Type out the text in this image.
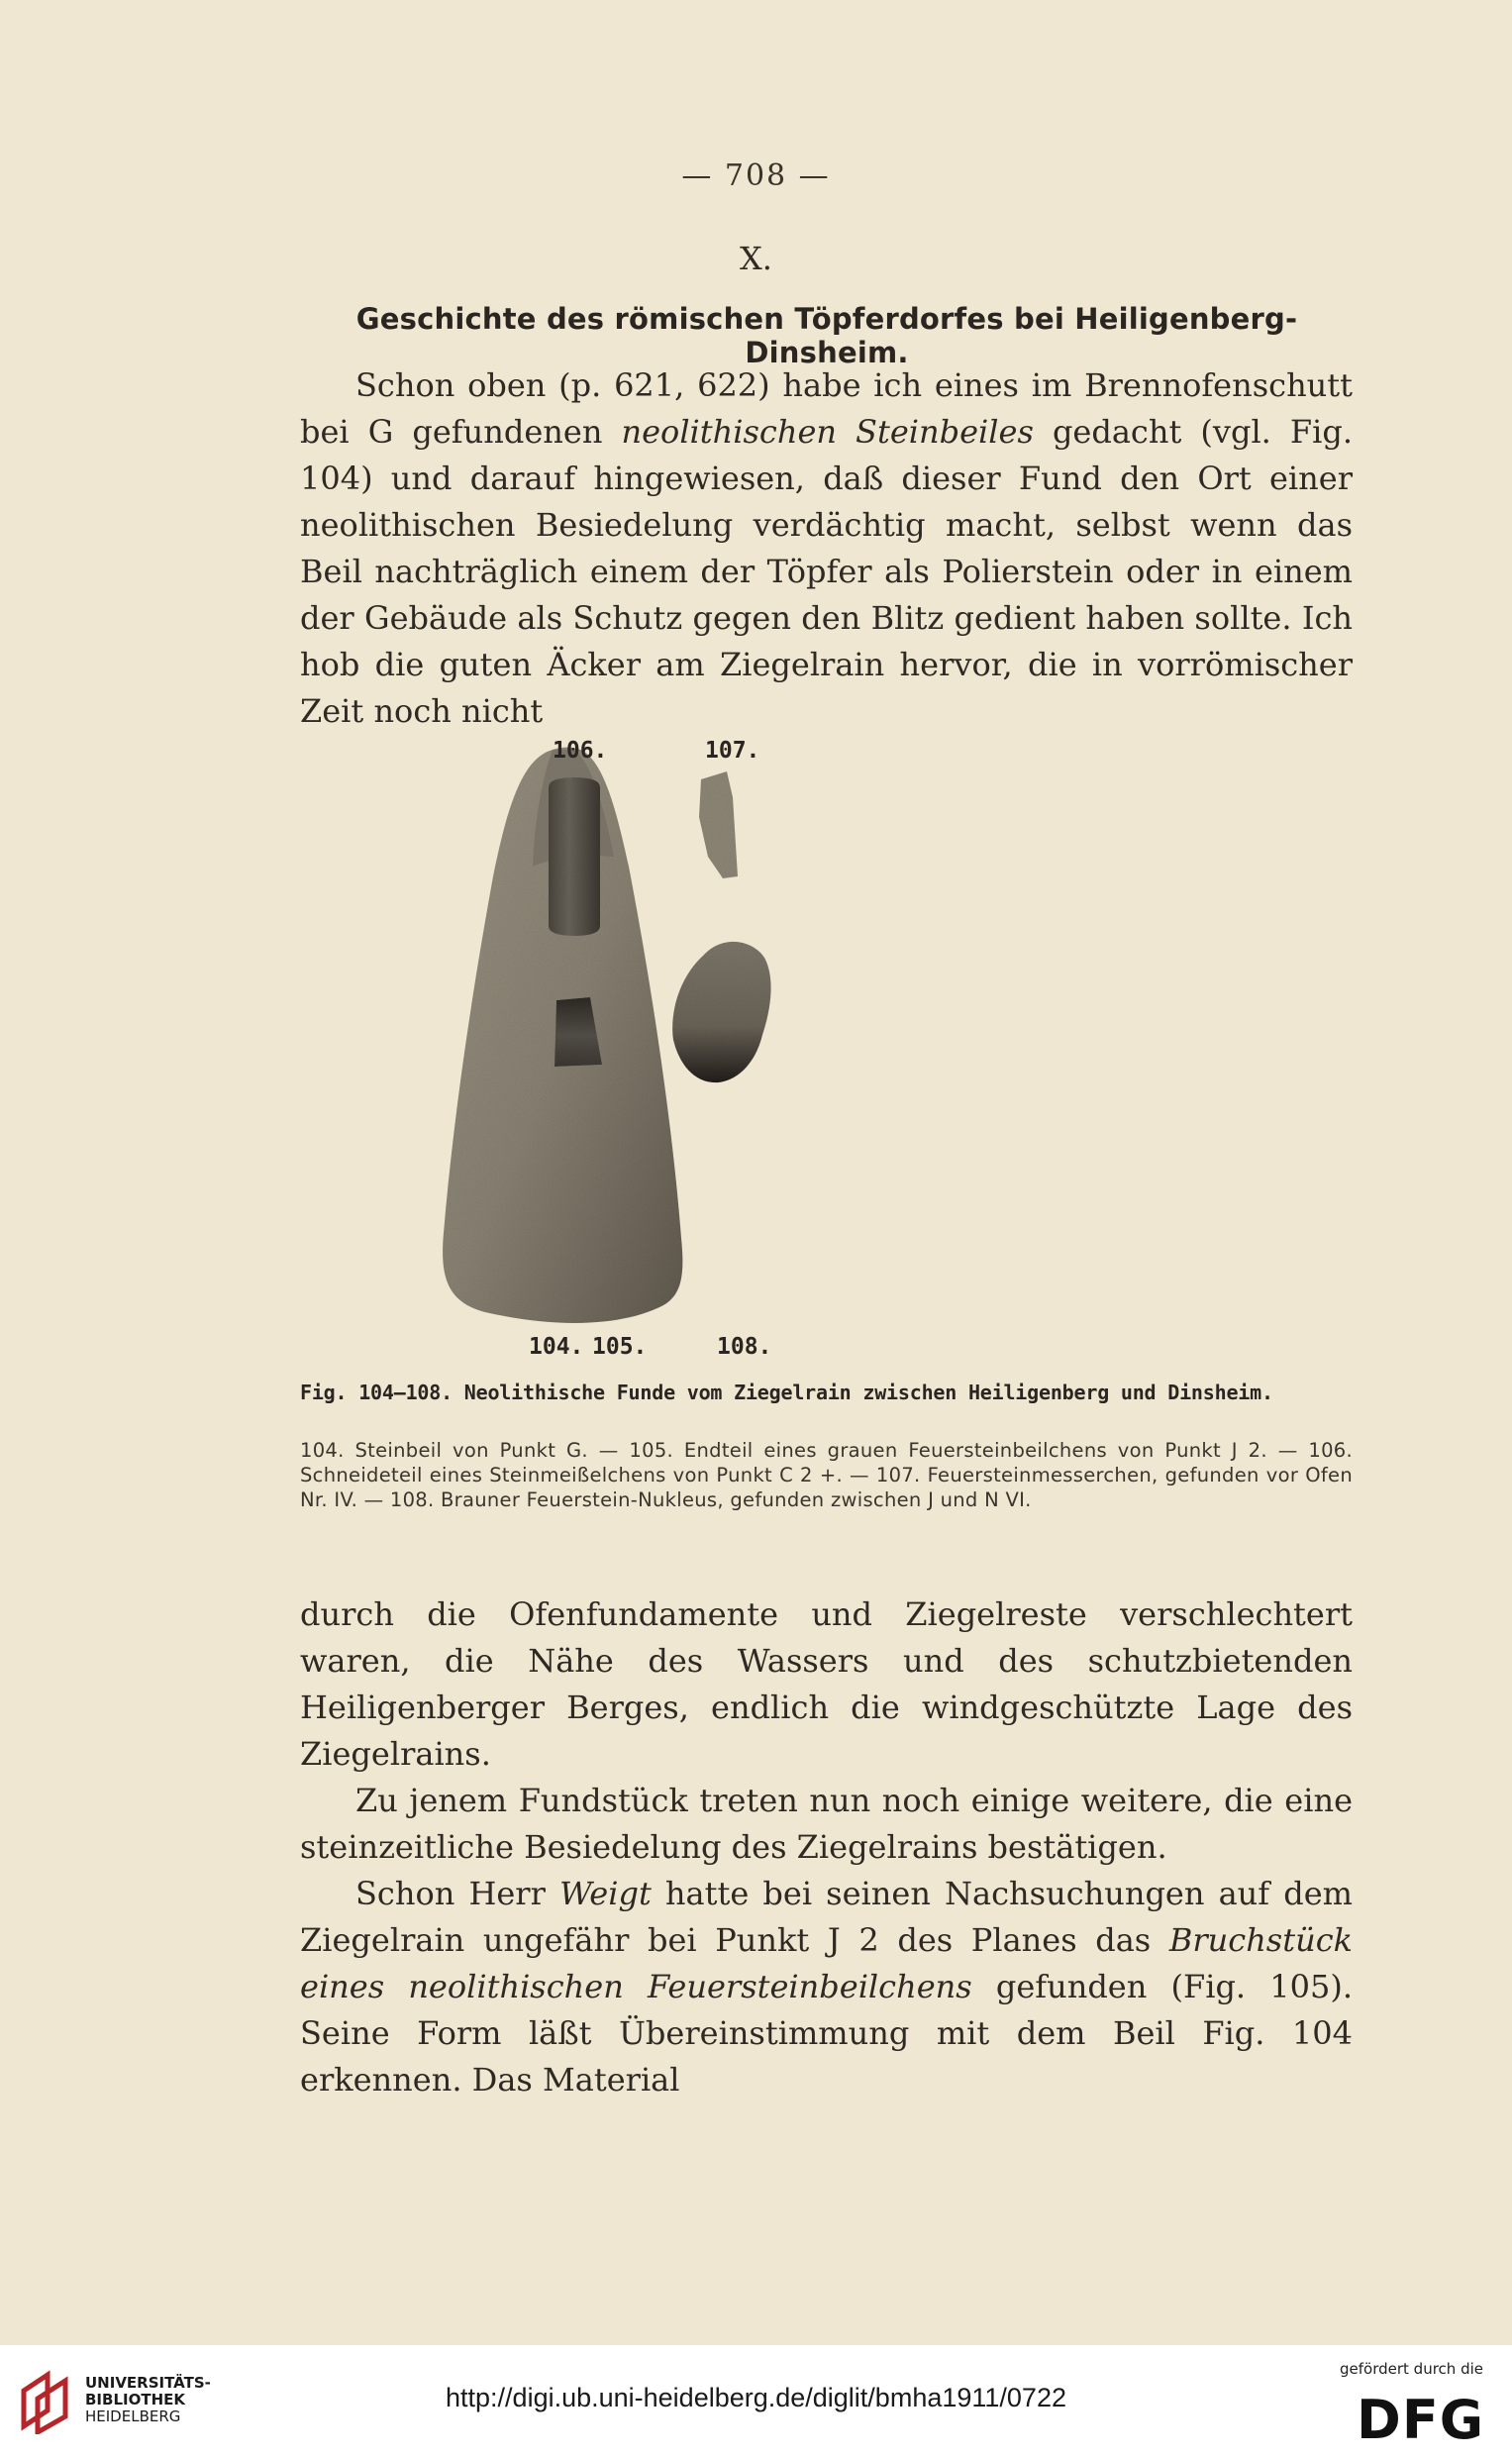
— 708 —
X.
Geschichte des römischen Töpferdorfes bei Heiligenberg-Dinsheim.

Schon oben (p. 621, 622) habe ich eines im Brennofenschutt bei G gefundenen neolithischen Steinbeiles gedacht (vgl. Fig. 104) und darauf hingewiesen, daß dieser Fund den Ort einer neolithischen Besiedelung verdächtig macht, selbst wenn das Beil nachträglich einem der Töpfer als Polierstein oder in einem der Gebäude als Schutz gegen den Blitz gedient haben sollte. Ich hob die guten Äcker am Ziegelrain hervor, die in vorrömischer Zeit noch nicht

106.	107.
104. 105.	108.
Fig. 104—108. Neolithische Funde vom Ziegelrain zwischen Heiligenberg und Dinsheim.
104. Steinbeil von Punkt G. — 105. Endteil eines grauen Feuersteinbeilchens von Punkt J 2. — 106. Schneideteil eines Steinmeißelchens von Punkt C 2 +. — 107. Feuersteinmesserchen, gefunden vor Ofen Nr. IV. — 108. Brauner Feuerstein-Nukleus, gefunden zwischen J und N VI.

durch die Ofenfundamente und Ziegelreste verschlechtert waren, die Nähe des Wassers und des schutzbietenden Heiligenberger Berges, endlich die windgeschützte Lage des Ziegelrains.

Zu jenem Fundstück treten nun noch einige weitere, die eine steinzeitliche Besiedelung des Ziegelrains bestätigen.

Schon Herr Weigt hatte bei seinen Nachsuchungen auf dem Ziegelrain ungefähr bei Punkt J 2 des Planes das Bruchstück eines neolithischen Feuersteinbeilchens gefunden (Fig. 105). Seine Form läßt Übereinstimmung mit dem Beil Fig. 104 erkennen. Das Material

UNIVERSITÄTS-
BIBLIOTHEK
HEIDELBERG
http://digi.ub.uni-heidelberg.de/diglit/bmha1911/0722
gefördert durch die
DFG
